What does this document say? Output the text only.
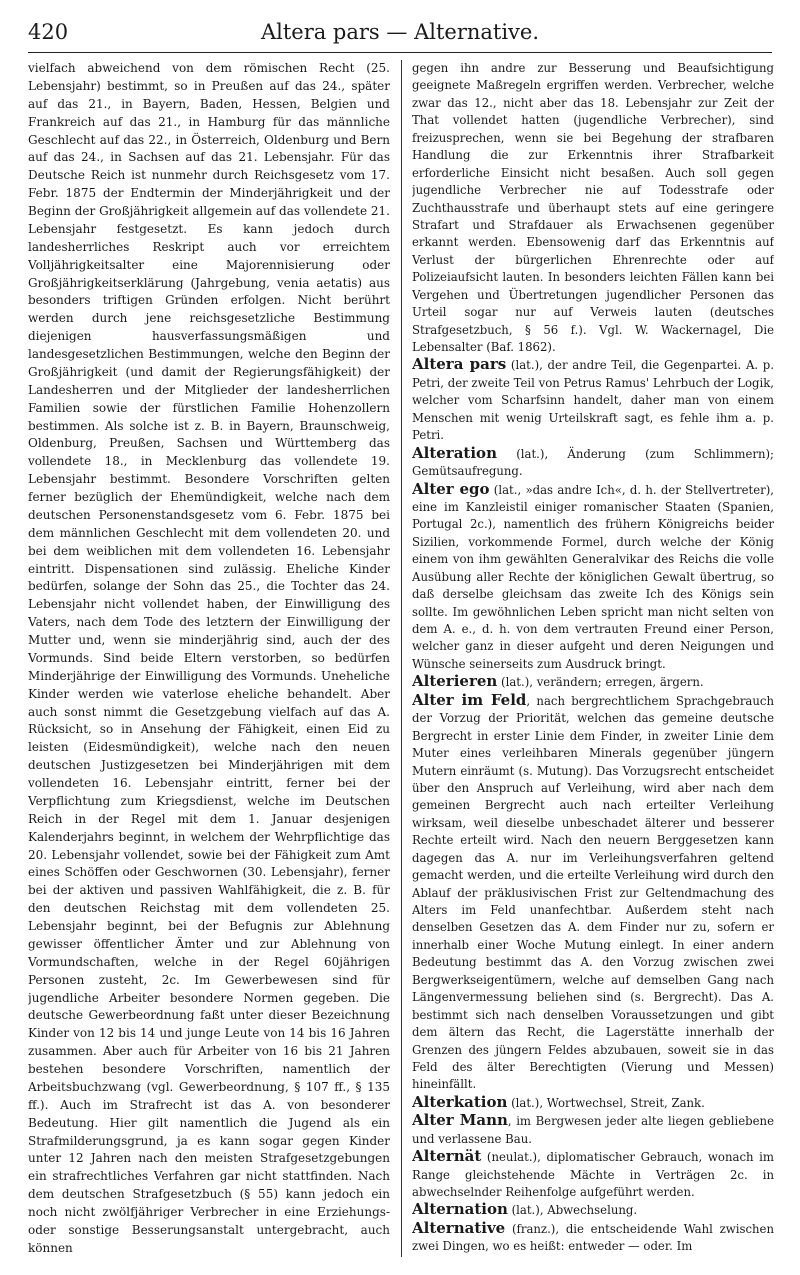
420	Altera pars — Alternative.

vielfach abweichend von dem römischen Recht (25. Lebensjahr) bestimmt, so in Preußen auf das 24., später auf das 21., in Bayern, Baden, Hessen, Belgien und Frankreich auf das 21., in Hamburg für das männliche Geschlecht auf das 22., in Österreich, Oldenburg und Bern auf das 24., in Sachsen auf das 21. Lebensjahr. Für das Deutsche Reich ist nunmehr durch Reichsgesetz vom 17. Febr. 1875 der Endtermin der Minderjährigkeit und der Beginn der Großjährigkeit allgemein auf das vollendete 21. Lebensjahr festgesetzt. Es kann jedoch durch landesherrliches Reskript auch vor erreichtem Volljährigkeitsalter eine Majorennisierung oder Großjährigkeitserklärung (Jahrgebung, venia aetatis) aus besonders triftigen Gründen erfolgen. Nicht berührt werden durch jene reichsgesetzliche Bestimmung diejenigen hausverfassungsmäßigen und landesgesetzlichen Bestimmungen, welche den Beginn der Großjährigkeit (und damit der Regierungsfähigkeit) der Landesherren und der Mitglieder der landesherrlichen Familien sowie der fürstlichen Familie Hohenzollern bestimmen. Als solche ist z. B. in Bayern, Braunschweig, Oldenburg, Preußen, Sachsen und Württemberg das vollendete 18., in Mecklenburg das vollendete 19. Lebensjahr bestimmt. Besondere Vorschriften gelten ferner bezüglich der Ehemündigkeit, welche nach dem deutschen Personenstandsgesetz vom 6. Febr. 1875 bei dem männlichen Geschlecht mit dem vollendeten 20. und bei dem weiblichen mit dem vollendeten 16. Lebensjahr eintritt. Dispensationen sind zulässig. Eheliche Kinder bedürfen, solange der Sohn das 25., die Tochter das 24. Lebensjahr nicht vollendet haben, der Einwilligung des Vaters, nach dem Tode des letztern der Einwilligung der Mutter und, wenn sie minderjährig sind, auch der des Vormunds. Sind beide Eltern verstorben, so bedürfen Minderjährige der Einwilligung des Vormunds. Uneheliche Kinder werden wie vaterlose eheliche behandelt. Aber auch sonst nimmt die Gesetzgebung vielfach auf das A. Rücksicht, so in Ansehung der Fähigkeit, einen Eid zu leisten (Eidesmündigkeit), welche nach den neuen deutschen Justizgesetzen bei Minderjährigen mit dem vollendeten 16. Lebensjahr eintritt, ferner bei der Verpflichtung zum Kriegsdienst, welche im Deutschen Reich in der Regel mit dem 1. Januar desjenigen Kalenderjahrs beginnt, in welchem der Wehrpflichtige das 20. Lebensjahr vollendet, sowie bei der Fähigkeit zum Amt eines Schöffen oder Geschwornen (30. Lebensjahr), ferner bei der aktiven und passiven Wahlfähigkeit, die z. B. für den deutschen Reichstag mit dem vollendeten 25. Lebensjahr beginnt, bei der Befugnis zur Ablehnung gewisser öffentlicher Ämter und zur Ablehnung von Vormundschaften, welche in der Regel 60jährigen Personen zusteht, 2c. Im Gewerbewesen sind für jugendliche Arbeiter besondere Normen gegeben. Die deutsche Gewerbeordnung faßt unter dieser Bezeichnung Kinder von 12 bis 14 und junge Leute von 14 bis 16 Jahren zusammen. Aber auch für Arbeiter von 16 bis 21 Jahren bestehen besondere Vorschriften, namentlich der Arbeitsbuchzwang (vgl. Gewerbeordnung, § 107 ff., § 135 ff.). Auch im Strafrecht ist das A. von besonderer Bedeutung. Hier gilt namentlich die Jugend als ein Strafmilderungsgrund, ja es kann sogar gegen Kinder unter 12 Jahren nach den meisten Strafgesetzgebungen ein strafrechtliches Verfahren gar nicht stattfinden. Nach dem deutschen Strafgesetzbuch (§ 55) kann jedoch ein noch nicht zwölfjähriger Verbrecher in eine Erziehungs- oder sonstige Besserungsanstalt untergebracht, auch können

gegen ihn andre zur Besserung und Beaufsichtigung geeignete Maßregeln ergriffen werden. Verbrecher, welche zwar das 12., nicht aber das 18. Lebensjahr zur Zeit der That vollendet hatten (jugendliche Verbrecher), sind freizusprechen, wenn sie bei Begehung der strafbaren Handlung die zur Erkenntnis ihrer Strafbarkeit erforderliche Einsicht nicht besaßen. Auch soll gegen jugendliche Verbrecher nie auf Todesstrafe oder Zuchthausstrafe und überhaupt stets auf eine geringere Strafart und Strafdauer als Erwachsenen gegenüber erkannt werden. Ebensowenig darf das Erkenntnis auf Verlust der bürgerlichen Ehrenrechte oder auf Polizeiaufsicht lauten. In besonders leichten Fällen kann bei Vergehen und Übertretungen jugendlicher Personen das Urteil sogar nur auf Verweis lauten (deutsches Strafgesetzbuch, § 56 f.). Vgl. W. Wackernagel, Die Lebensalter (Baf. 1862).

Altera pars (lat.), der andre Teil, die Gegenpartei. A. p. Petri, der zweite Teil von Petrus Ramus' Lehrbuch der Logik, welcher vom Scharfsinn handelt, daher man von einem Menschen mit wenig Urteilskraft sagt, es fehle ihm a. p. Petri.

Alteration (lat.), Änderung (zum Schlimmern); Gemütsaufregung.

Alter ego (lat., »das andre Ich«, d. h. der Stellvertreter), eine im Kanzleistil einiger romanischer Staaten (Spanien, Portugal 2c.), namentlich des frühern Königreichs beider Sizilien, vorkommende Formel, durch welche der König einem von ihm gewählten Generalvikar des Reichs die volle Ausübung aller Rechte der königlichen Gewalt übertrug, so daß derselbe gleichsam das zweite Ich des Königs sein sollte. Im gewöhnlichen Leben spricht man nicht selten von dem A. e., d. h. von dem vertrauten Freund einer Person, welcher ganz in dieser aufgeht und deren Neigungen und Wünsche seinerseits zum Ausdruck bringt.

Alterieren (lat.), verändern; erregen, ärgern.

Alter im Feld, nach bergrechtlichem Sprachgebrauch der Vorzug der Priorität, welchen das gemeine deutsche Bergrecht in erster Linie dem Finder, in zweiter Linie dem Muter eines verleihbaren Minerals gegenüber jüngern Mutern einräumt (s. Mutung). Das Vorzugsrecht entscheidet über den Anspruch auf Verleihung, wird aber nach dem gemeinen Bergrecht auch nach erteilter Verleihung wirksam, weil dieselbe unbeschadet älterer und besserer Rechte erteilt wird. Nach den neuern Berggesetzen kann dagegen das A. nur im Verleihungsverfahren geltend gemacht werden, und die erteilte Verleihung wird durch den Ablauf der präklusivischen Frist zur Geltendmachung des Alters im Feld unanfechtbar. Außerdem steht nach denselben Gesetzen das A. dem Finder nur zu, sofern er innerhalb einer Woche Mutung einlegt. In einer andern Bedeutung bestimmt das A. den Vorzug zwischen zwei Bergwerkseigentümern, welche auf demselben Gang nach Längenvermessung beliehen sind (s. Bergrecht). Das A. bestimmt sich nach denselben Voraussetzungen und gibt dem ältern das Recht, die Lagerstätte innerhalb der Grenzen des jüngern Feldes abzubauen, soweit sie in das Feld des älter Berechtigten (Vierung und Messen) hineinfällt.

Alterkation (lat.), Wortwechsel, Streit, Zank.

Alter Mann, im Bergwesen jeder alte liegen gebliebene und verlassene Bau.

Alternät (neulat.), diplomatischer Gebrauch, wonach im Range gleichstehende Mächte in Verträgen 2c. in abwechselnder Reihenfolge aufgeführt werden.

Alternation (lat.), Abwechselung.

Alternative (franz.), die entscheidende Wahl zwischen zwei Dingen, wo es heißt: entweder — oder. Im
